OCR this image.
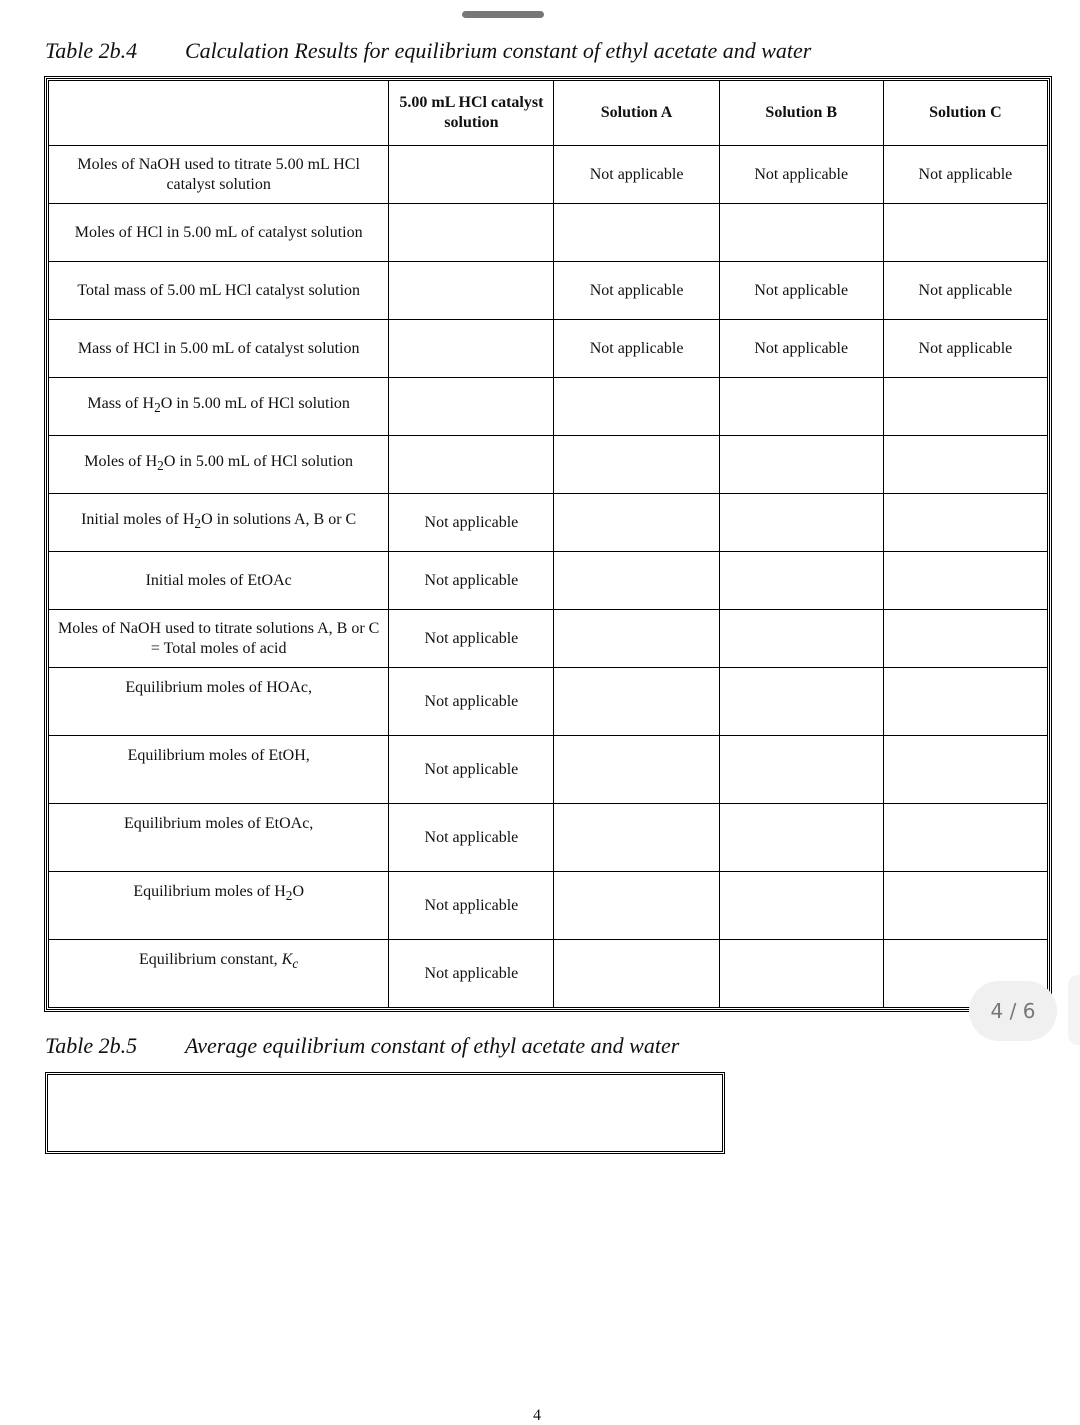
Table 2b.4 Calculation Results for equilibrium constant of ethyl acetate and water
	5.00 mL HCl catalyst solution	Solution A	Solution B	Solution C
Moles of NaOH used to titrate 5.00 mL HCl catalyst solution		Not applicable	Not applicable	Not applicable
Moles of HCl in 5.00 mL of catalyst solution				
Total mass of 5.00 mL HCl catalyst solution		Not applicable	Not applicable	Not applicable
Mass of HCl in 5.00 mL of catalyst solution		Not applicable	Not applicable	Not applicable
Mass of $H_2O$ in 5.00 mL of HCl solution				
Moles of $H_2O$ in 5.00 mL of HCl solution				
Initial moles of $H_2O$ in solutions A, B or C	Not applicable			
Initial moles of EtOAc	Not applicable			
Moles of NaOH used to titrate solutions A, B or C = Total moles of acid	Not applicable			
Equilibrium moles of HOAc,	Not applicable			
Equilibrium moles of EtOH,	Not applicable			
Equilibrium moles of EtOAc,	Not applicable			
Equilibrium moles of $H_2O$	Not applicable			
Equilibrium constant, $K_c$	Not applicable			
4 / 6
Table 2b.5 Average equilibrium constant of ethyl acetate and water
4
